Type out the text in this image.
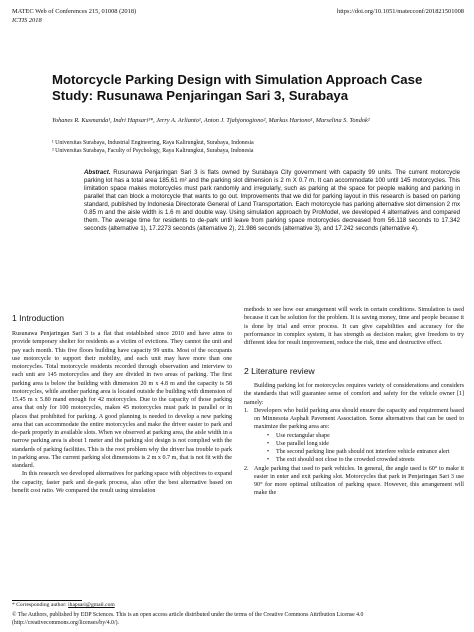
MATEC Web of Conferences 215, 01008 (2018)	https://doi.org/10.1051/matecconf/201821501008
ICTIS 2018
Motorcycle Parking Design with Simulation Approach Case Study: Rusunawa Penjaringan Sari 3, Surabaya
Yohanes R. Kusmanda¹, Indri Hapsari¹*, Jerry A. Arlianto¹, Anton J. Tjahjonogiono², Markus Hartono¹, Marselina S. Tondok²
¹ Universitas Surabaya, Industrial Engineering, Raya Kalirungkut, Surabaya, Indonesia
² Universitas Surabaya, Faculty of Psychology, Raya Kalirungkut, Surabaya, Indonesia
Abstract. Rusunawa Penjaringan Sari 3 is flats owned by Surabaya City government with capacity 99 units. The current motorcycle parking lot has a total area 185.61 m² and the parking slot dimension is 2 m X 0.7 m. It can accommodate 100 until 145 motorcycles. This limitation space makes motorcycles must park randomly and irregularly, such as parking at the space for people walking and parking in parallel that can block a motorcycle that wants to go out. Improvements that we did for parking layout in this research is based on parking standard, published by Indonesia Directorate General of Land Transportation. Each motorcycle has parking alternative slot dimension 2 mx 0.85 m and the aisle width is 1.6 m and double way. Using simulation approach by ProModel, we developed 4 alternatives and compared them. The average time for residents to de-park until leave from parking space motorcycles decreased from 56.118 seconds to 17.342 seconds (alternative 1), 17.2273 seconds (alternative 2), 21.986 seconds (alternative 3), and 17.242 seconds (alternative 4).
1 Introduction

Rusunawa Penjaringan Sari 3 is a flat that established since 2010 and have aims to provide temporary shelter for residents as a victim of evictions. They cannot the unit and pay each month. This five floors building have capacity 99 units. Most of the occupants use motorcycle to support their mobility, and each unit may have more than one motorcycles. Total motorcycle residents recorded through observation and interview to each unit are 145 motorcycles and they are divided in two areas of parking. The first parking area is below the building with dimension 20 m x 4.8 m and the capacity is 58 motorcycles, while another parking area is located outside the building with dimension of 15.45 m x 5.80 mand enough for 42 motorcycles. Due to the capacity of those parking area that only for 100 motorcycles, makes 45 motorcycles must park in parallel or in places that prohibited for parking. A good planning is needed to develop a new parking area that can accommodate the entire motorcycles and make the driver easier to park and de-park properly in available slots. When we observed at parking area, the aisle width in a narrow parking area is about 1 meter and the parking slot design is not complied with the standards of parking facilities. This is the root problem why the driver has trouble to park in parking area. The current parking slot dimensions is 2 m x 0.7 m, that is not fit with the standard.

In this research we developed alternatives for parking space with objectives to expand the capacity, faster park and de-park process, also offer the best alternative based on benefit cost ratio. We compared the result using simulation

methods to see how our arrangement will work in certain conditions. Simulation is used because it can be solution for the problem. It is saving money, time and people because it is done by trial and error process. It can give capabilities and accuracy for the performance in complex system, it has strength as decision maker, give freedom to try different idea for result improvement, reduce the risk, time and destructive effect.

2 Literature review

Building parking lot for motorcycles requires variety of considerations and considers the standards that will guarantee sense of comfort and safety for the vehicle owner [1] namely:

1. Developers who build parking area should ensure the capacity and requirement based on Minnesota Asphalt Pavement Association. Some alternatives that can be used to maximize the parking area are:
• Use rectangular shape
• Use parallel long side
• The second parking line path should not interfere vehicle entrance alert
• The exit should not close to the crowded crowded streets
2. Angle parking that used to park vehicles. In general, the angle used is 60° to make it easier in enter and exit parking slot. Motorcycles that park in Penjaringan Sari 3 use 90° for more optimal utilization of parking space. However, this arrangement will make the
* Corresponding author: ihapsari@gmail.com
© The Authors, published by EDP Sciences. This is an open access article distributed under the terms of the Creative Commons Attribution License 4.0 (http://creativecommons.org/licenses/by/4.0/).
